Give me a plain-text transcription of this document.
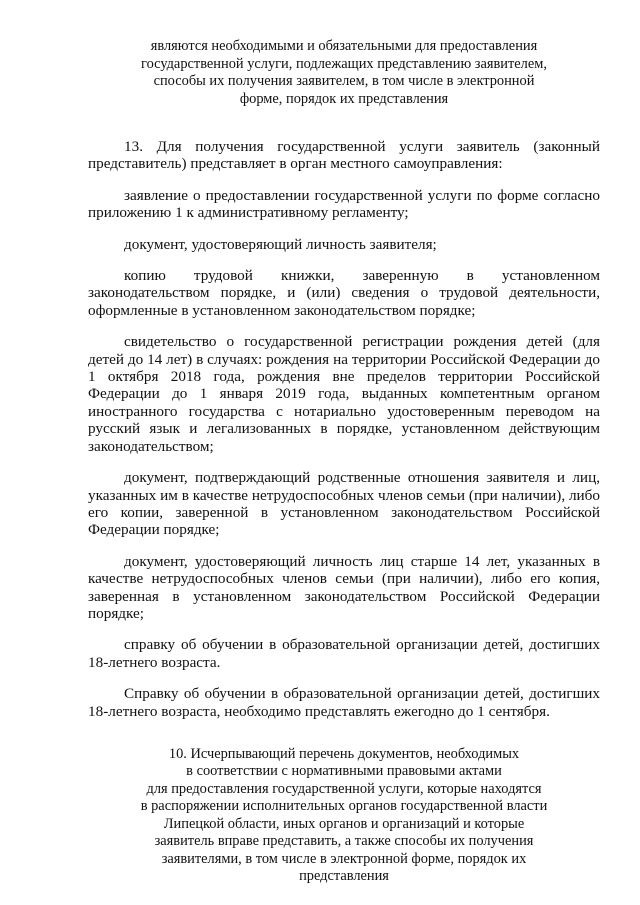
являются необходимыми и обязательными для предоставления
государственной услуги, подлежащих представлению заявителем,
способы их получения заявителем, в том числе в электронной
форме, порядок их представления

13. Для получения государственной услуги заявитель (законный представитель) представляет в орган местного самоуправления:

заявление о предоставлении государственной услуги по форме согласно приложению 1 к административному регламенту;

документ, удостоверяющий личность заявителя;

копию трудовой книжки, заверенную в установленном законодательством порядке, и (или) сведения о трудовой деятельности, оформленные в установленном законодательством порядке;

свидетельство о государственной регистрации рождения детей (для детей до 14 лет) в случаях: рождения на территории Российской Федерации до 1 октября 2018 года, рождения вне пределов территории Российской Федерации до 1 января 2019 года, выданных компетентным органом иностранного государства с нотариально удостоверенным переводом на русский язык и легализованных в порядке, установленном действующим законодательством;

документ, подтверждающий родственные отношения заявителя и лиц, указанных им в качестве нетрудоспособных членов семьи (при наличии), либо его копии, заверенной в установленном законодательством Российской Федерации порядке;

документ, удостоверяющий личность лиц старше 14 лет, указанных в качестве нетрудоспособных членов семьи (при наличии), либо его копия, заверенная в установленном законодательством Российской Федерации порядке;

справку об обучении в образовательной организации детей, достигших 18-летнего возраста.

Справку об обучении в образовательной организации детей, достигших 18-летнего возраста, необходимо представлять ежегодно до 1 сентября.

10. Исчерпывающий перечень документов, необходимых
в соответствии с нормативными правовыми актами
для предоставления государственной услуги, которые находятся
в распоряжении исполнительных органов государственной власти
Липецкой области, иных органов и организаций и которые
заявитель вправе представить, а также способы их получения
заявителями, в том числе в электронной форме, порядок их
представления
